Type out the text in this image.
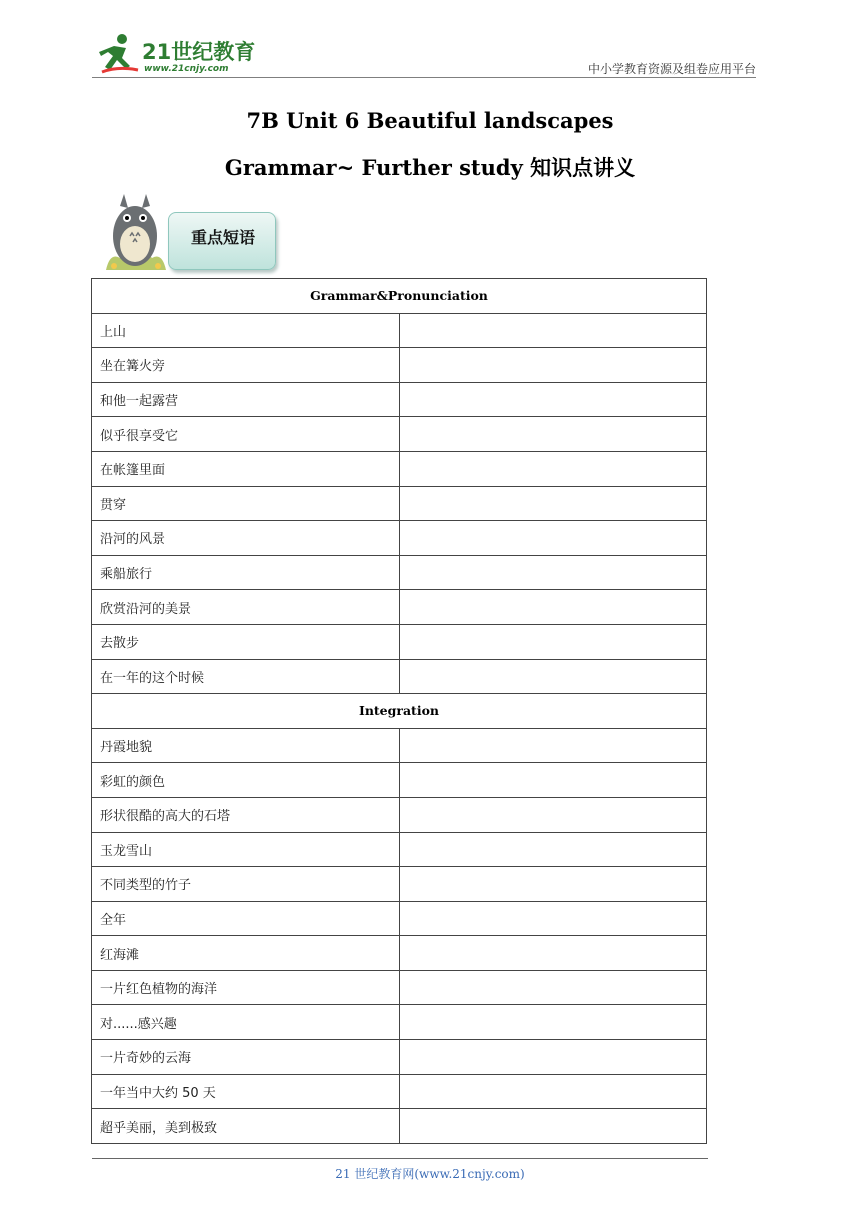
21世纪教育
www.21cnjy.com	中小学教育资源及组卷应用平台
7B Unit 6 Beautiful landscapes
Grammar~ Further study 知识点讲义
重点短语
Grammar&Pronunciation	
上山	
坐在篝火旁	
和他一起露营	
似乎很享受它	
在帐篷里面	
贯穿	
沿河的风景	
乘船旅行	
欣赏沿河的美景	
去散步	
在一年的这个时候	
Integration	
丹霞地貌	
彩虹的颜色	
形状很酷的高大的石塔	
玉龙雪山	
不同类型的竹子	
全年	
红海滩	
一片红色植物的海洋	
对......感兴趣	
一片奇妙的云海	
一年当中大约 50 天	
超乎美丽，美到极致	
21 世纪教育网(www.21cnjy.com)
